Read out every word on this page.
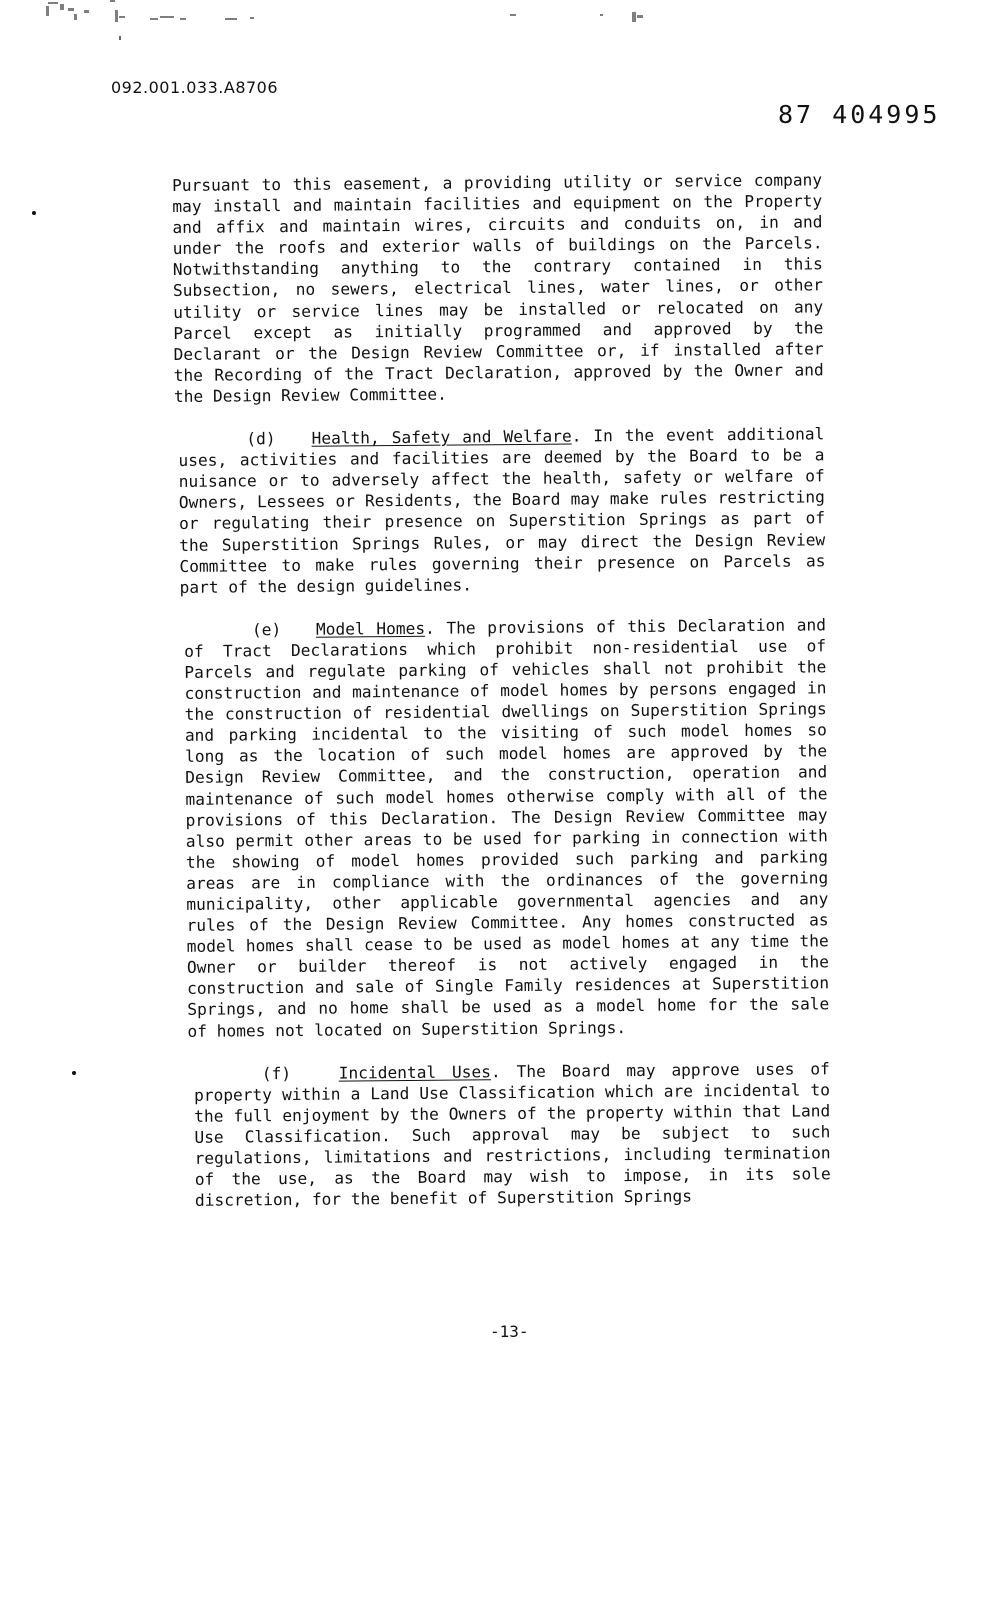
092.001.033.A8706
87 404995

Pursuant to this easement, a providing utility or service company may install and maintain facilities and equipment on the Property and affix and maintain wires, circuits and conduits on, in and under the roofs and exterior walls of buildings on the Parcels. Notwithstanding anything to the contrary contained in this Subsection, no sewers, electrical lines, water lines, or other utility or service lines may be installed or relocated on any Parcel except as initially programmed and approved by the Declarant or the Design Review Committee or, if installed after the Recording of the Tract Declaration, approved by the Owner and the Design Review Committee.

(d) Health, Safety and Welfare. In the event additional uses, activities and facilities are deemed by the Board to be a nuisance or to adversely affect the health, safety or welfare of Owners, Lessees or Residents, the Board may make rules restricting or regulating their presence on Superstition Springs as part of the Superstition Springs Rules, or may direct the Design Review Committee to make rules governing their presence on Parcels as part of the design guidelines.

(e) Model Homes. The provisions of this Declaration and of Tract Declarations which prohibit non-residential use of Parcels and regulate parking of vehicles shall not prohibit the construction and maintenance of model homes by persons engaged in the construction of residential dwellings on Superstition Springs and parking incidental to the visiting of such model homes so long as the location of such model homes are approved by the Design Review Committee, and the construction, operation and maintenance of such model homes otherwise comply with all of the provisions of this Declaration. The Design Review Committee may also permit other areas to be used for parking in connection with the showing of model homes provided such parking and parking areas are in compliance with the ordinances of the governing municipality, other applicable governmental agencies and any rules of the Design Review Committee. Any homes constructed as model homes shall cease to be used as model homes at any time the Owner or builder thereof is not actively engaged in the construction and sale of Single Family residences at Superstition Springs, and no home shall be used as a model home for the sale of homes not located on Superstition Springs.

(f)	Incidental Uses. The Board may approve uses of property within a Land Use Classification which are incidental to the full enjoyment by the Owners of the property within that Land Use Classification. Such approval may be subject to such regulations, limitations and restrictions, including termination of the use, as the Board may wish to impose, in its sole discretion, for the benefit of Superstition Springs

-13-
